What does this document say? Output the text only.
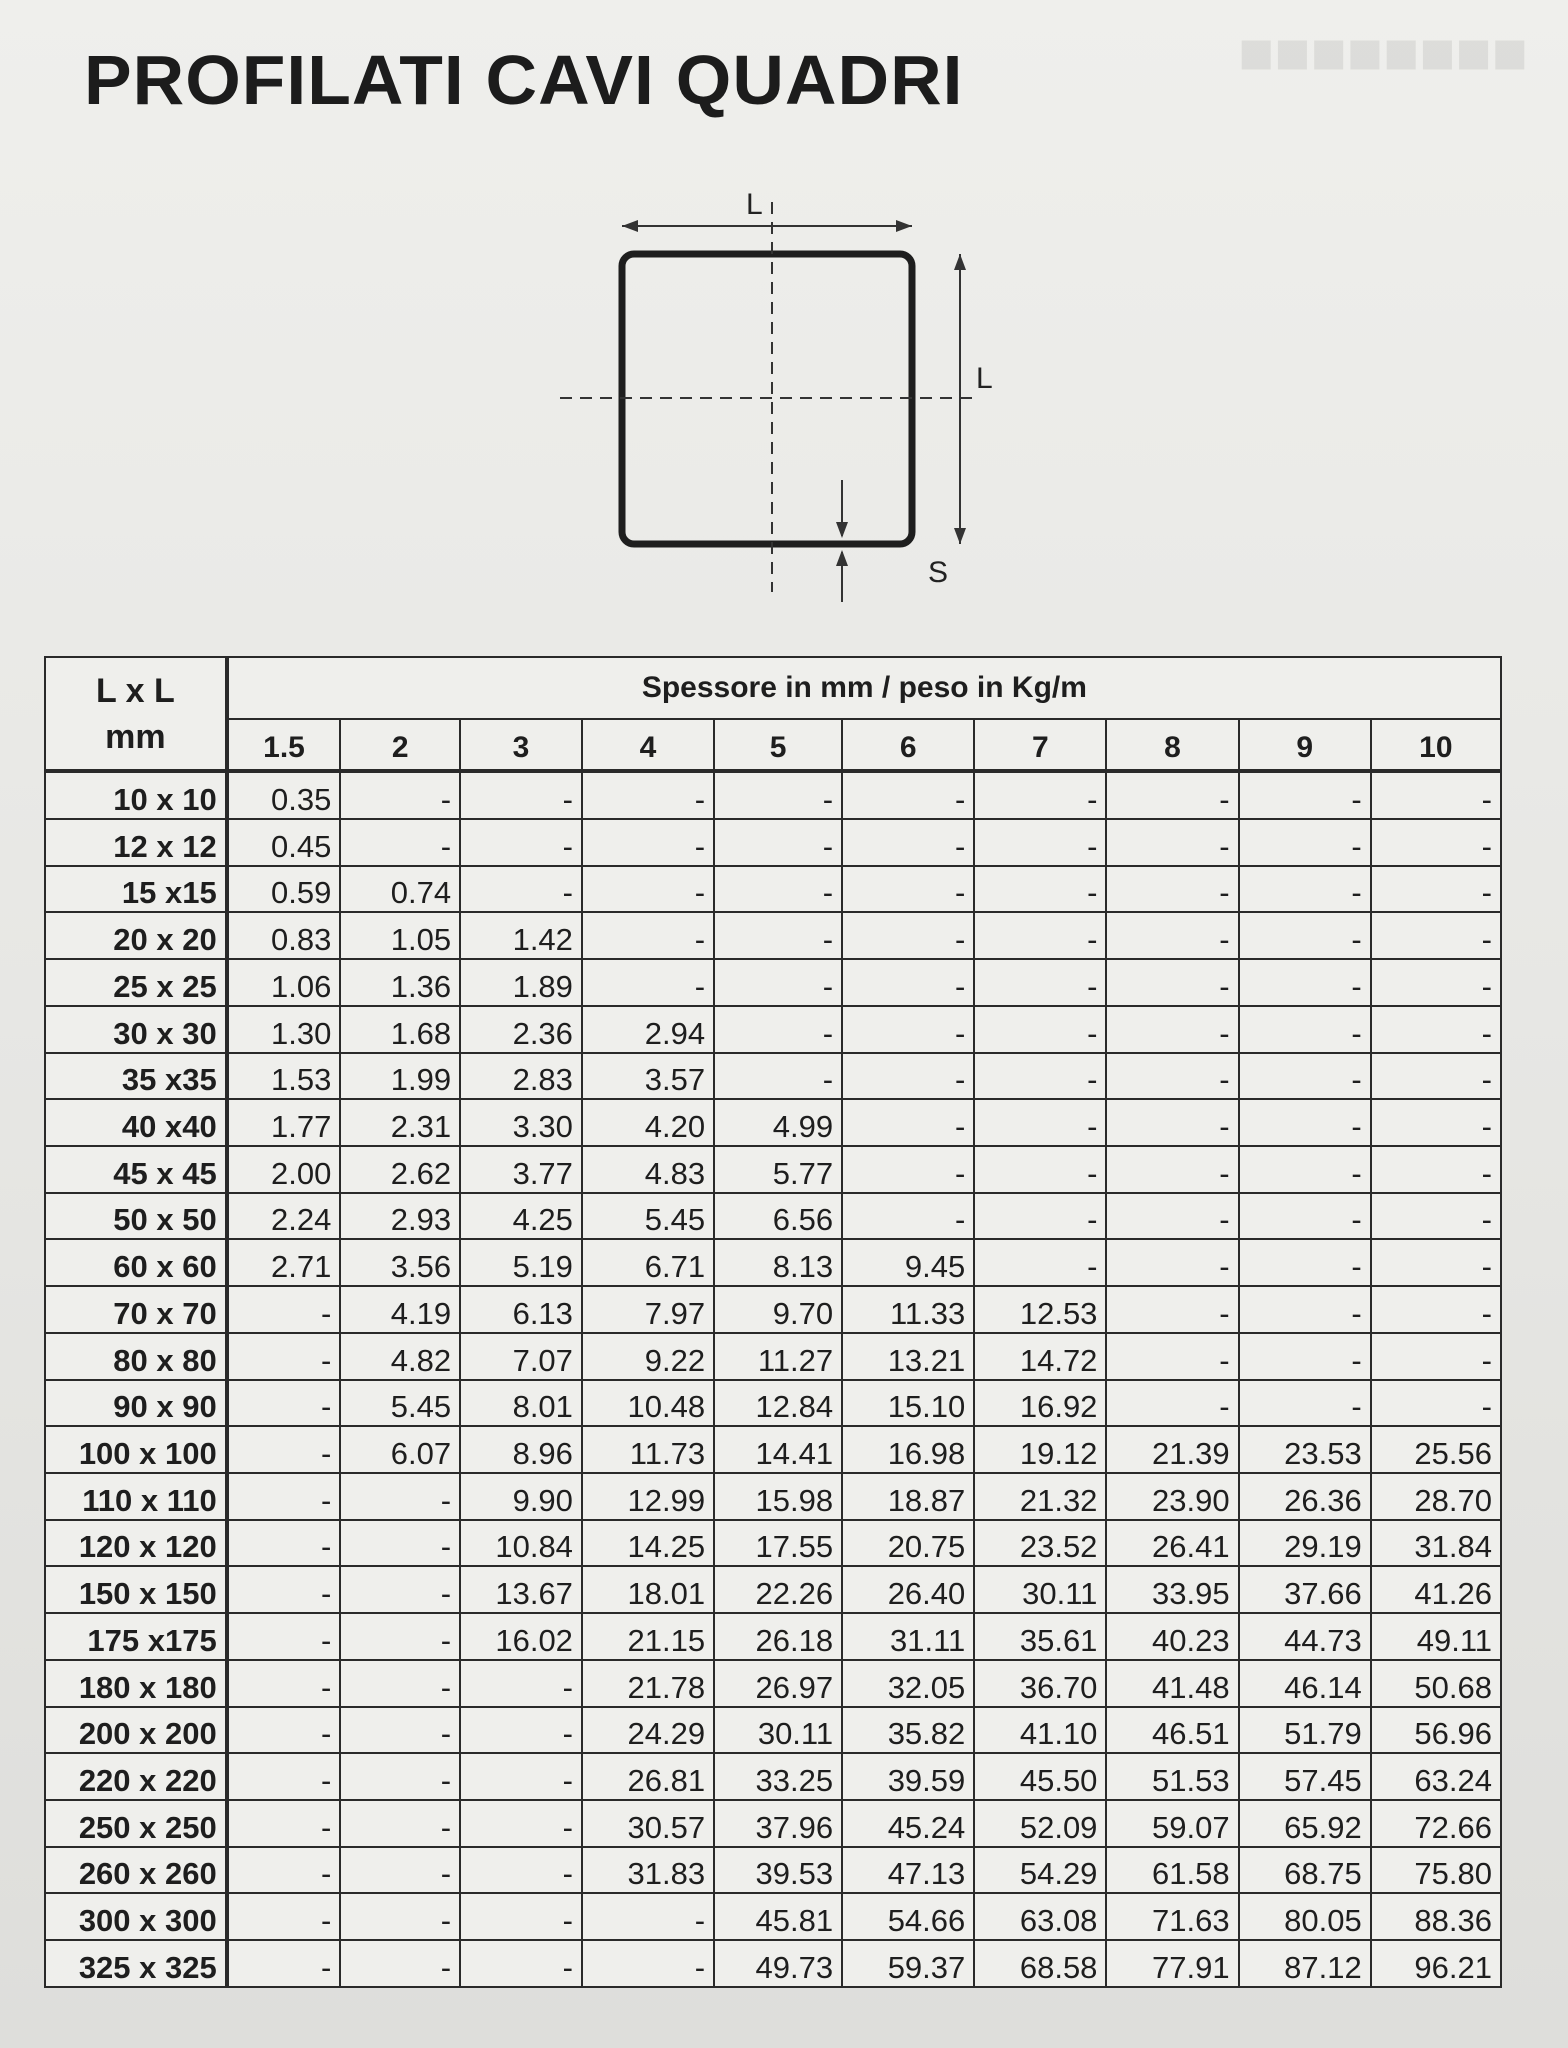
■■■■■■■■
PROFILATI CAVI QUADRI
L
L
S
L x L
mm	Spessore in mm / peso in Kg/m									
	1.5	2	3	4	5	6	7	8	9	10
10 x 10	0.35	-	-	-	-	-	-	-	-	-
12 x 12	0.45	-	-	-	-	-	-	-	-	-
15 x15	0.59	0.74	-	-	-	-	-	-	-	-
20 x 20	0.83	1.05	1.42	-	-	-	-	-	-	-
25 x 25	1.06	1.36	1.89	-	-	-	-	-	-	-
30 x 30	1.30	1.68	2.36	2.94	-	-	-	-	-	-
35 x35	1.53	1.99	2.83	3.57	-	-	-	-	-	-
40 x40	1.77	2.31	3.30	4.20	4.99	-	-	-	-	-
45 x 45	2.00	2.62	3.77	4.83	5.77	-	-	-	-	-
50 x 50	2.24	2.93	4.25	5.45	6.56	-	-	-	-	-
60 x 60	2.71	3.56	5.19	6.71	8.13	9.45	-	-	-	-
70 x 70	-	4.19	6.13	7.97	9.70	11.33	12.53	-	-	-
80 x 80	-	4.82	7.07	9.22	11.27	13.21	14.72	-	-	-
90 x 90	-	5.45	8.01	10.48	12.84	15.10	16.92	-	-	-
100 x 100	-	6.07	8.96	11.73	14.41	16.98	19.12	21.39	23.53	25.56
110 x 110	-	-	9.90	12.99	15.98	18.87	21.32	23.90	26.36	28.70
120 x 120	-	-	10.84	14.25	17.55	20.75	23.52	26.41	29.19	31.84
150 x 150	-	-	13.67	18.01	22.26	26.40	30.11	33.95	37.66	41.26
175 x175	-	-	16.02	21.15	26.18	31.11	35.61	40.23	44.73	49.11
180 x 180	-	-	-	21.78	26.97	32.05	36.70	41.48	46.14	50.68
200 x 200	-	-	-	24.29	30.11	35.82	41.10	46.51	51.79	56.96
220 x 220	-	-	-	26.81	33.25	39.59	45.50	51.53	57.45	63.24
250 x 250	-	-	-	30.57	37.96	45.24	52.09	59.07	65.92	72.66
260 x 260	-	-	-	31.83	39.53	47.13	54.29	61.58	68.75	75.80
300 x 300	-	-	-	-	45.81	54.66	63.08	71.63	80.05	88.36
325 x 325	-	-	-	-	49.73	59.37	68.58	77.91	87.12	96.21
